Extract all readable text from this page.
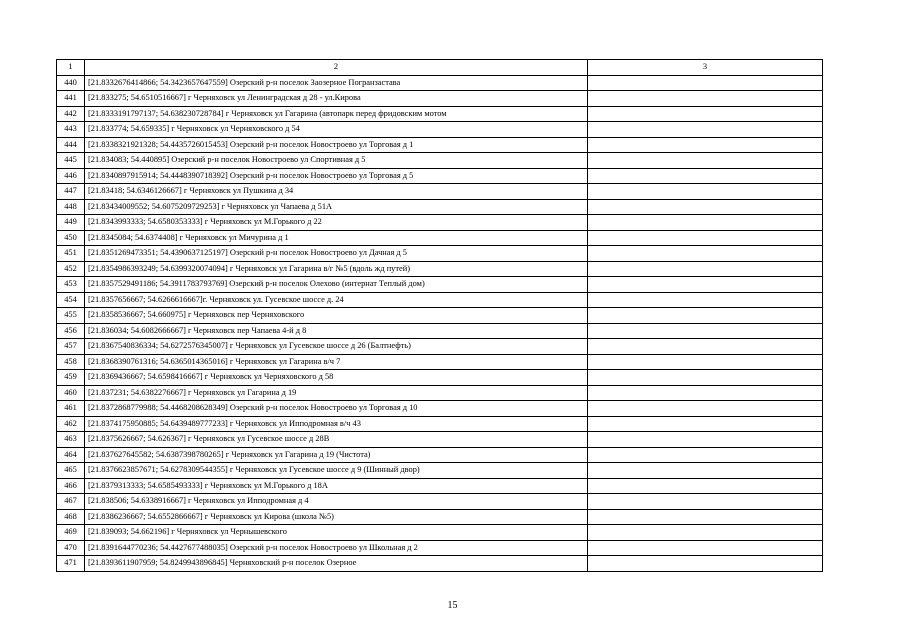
1	2	3
440	[21.8332676414866; 54.3423657647559] Озерский р-н поселок Заозерное Погранзастава	
441	[21.833275; 54.6510516667] г Черняховск ул Ленинградская д 28 - ул.Кирова	
442	[21.8333191797137; 54.638230728784] г Черняховск ул Гагарина (автопарк перед фридовским мотом	
443	[21.833774; 54.659335] г Черняховск ул Черняховского д 54	
444	[21.8338321921328; 54.4435726015453] Озерский р-н поселок Новостроево ул Торговая д 1	
445	[21.834083; 54.440895] Озерский р-н поселок Новостроево ул Спортивная д 5	
446	[21.8340897915914; 54.4448390718392] Озерский р-н поселок Новостроево ул Торговая д 5	
447	[21.83418; 54.6346126667] г Черняховск ул Пушкина д 34	
448	[21.83434009552; 54.6075209729253] г Черняховск ул Чапаева д 51А	
449	[21.8343993333; 54.6580353333] г Черняховск ул М.Горького д 22	
450	[21.8345084; 54.6374408] г Черняховск ул Мичурина д 1	
451	[21.8351269473351; 54.4390637125197] Озерский р-н поселок Новостроево ул Дачная д 5	
452	[21.8354986393249; 54.6399320074094] г Черняховск ул Гагарина в/г №5 (вдоль жд путей)	
453	[21.8357529491186; 54.3911783793769] Озерский р-н поселок Олехово (интернат Теплый дом)	
454	[21.8357656667; 54.6266616667]г. Черняховск ул. Гусевское шоссе д. 24	
455	[21.8358536667; 54.660975] г Черняховск пер Черняховского	
456	[21.836034; 54.6082666667] г Черняховск пер Чапаева 4-й д 8	
457	[21.8367540836334; 54.6272576345007] г Черняховск ул Гусевское шоссе д 26 (Балтнефть)	
458	[21.8368390761316; 54.6365014365016] г Черняховск ул Гагарина в/ч 7	
459	[21.8369436667; 54.6598416667] г Черняховск ул Черняховского д 58	
460	[21.837231; 54.6382276667] г Черняховск ул Гагарина д 19	
461	[21.8372868779988; 54.4468208628349] Озерский р-н поселок Новостроево ул Торговая д 10	
462	[21.8374175950885; 54.6439489777233] г Черняховск ул Ипподромная в/ч 43	
463	[21.8375626667; 54.626367] г Черняховск ул Гусевское шоссе д 28В	
464	[21.837627645582; 54.6387398780265] г Черняховск ул Гагарина д 19 (Чистота)	
465	[21.8376623857671; 54.6278309544355] г Черняховск ул Гусевское шоссе д 9 (Шинный двор)	
466	[21.8379313333; 54.6585493333] г Черняховск ул М.Горького д 18А	
467	[21.838506; 54.6338916667] г Черняховск ул Ипподромная д 4	
468	[21.8386236667; 54.6552866667] г Черняховск ул Кирова (школа №5)	
469	[21.839093; 54.662196] г Черняховск ул Чернышевского	
470	[21.8391644770236; 54.4427677488035] Озерский р-н поселок Новостроево ул Школьная д 2	
471	[21.8393611907959; 54.8249943896845] Черняховский р-н поселок Озерное	
15
